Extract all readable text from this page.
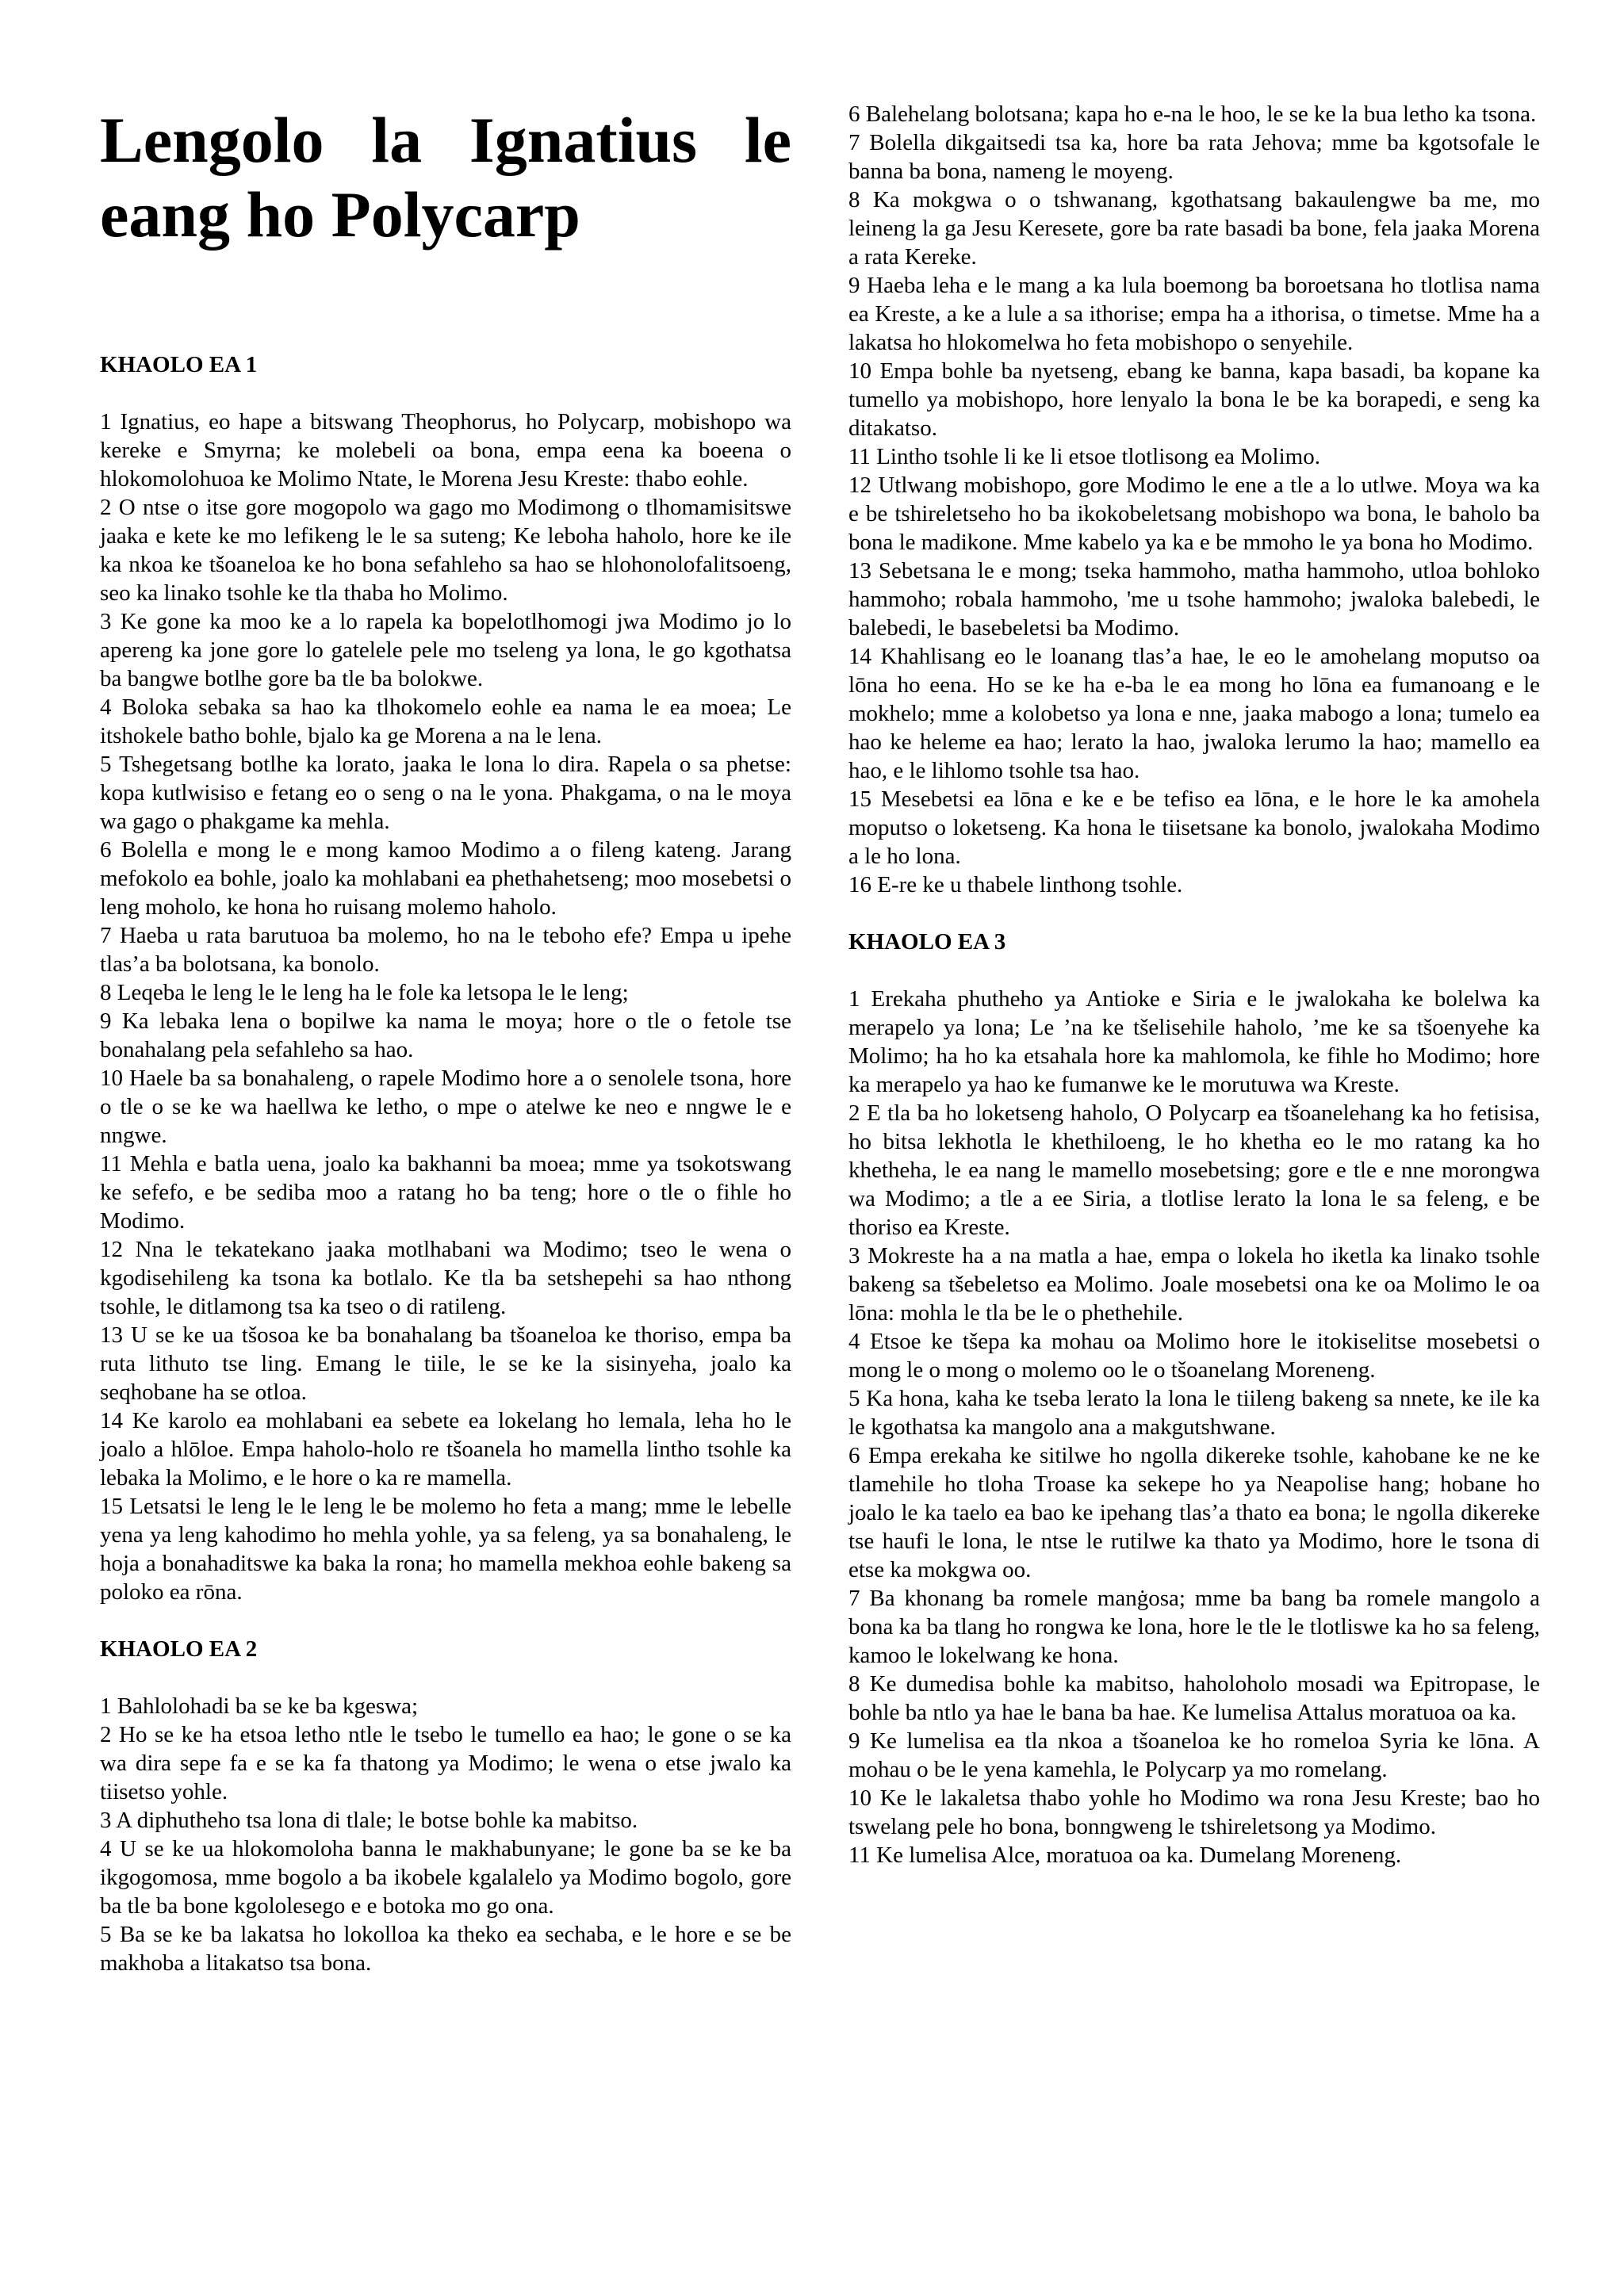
Lengolo la Ignatius le
eang ho Polycarp
KHAOLO EA 1

1 Ignatius, eo hape a bitswang Theophorus, ho Polycarp, mobishopo wa kereke e Smyrna; ke molebeli oa bona, empa eena ka boeena o hlokomolohuoa ke Molimo Ntate, le Morena Jesu Kreste: thabo eohle.

2 O ntse o itse gore mogopolo wa gago mo Modimong o tlhomamisitswe jaaka e kete ke mo lefikeng le le sa suteng; Ke leboha haholo, hore ke ile ka nkoa ke tšoaneloa ke ho bona sefahleho sa hao se hlohonolofalitsoeng, seo ka linako tsohle ke tla thaba ho Molimo.

3 Ke gone ka moo ke a lo rapela ka bopelotlhomogi jwa Modimo jo lo apereng ka jone gore lo gatelele pele mo tseleng ya lona, le go kgothatsa ba bangwe botlhe gore ba tle ba bolokwe.

4 Boloka sebaka sa hao ka tlhokomelo eohle ea nama le ea moea; Le itshokele batho bohle, bjalo ka ge Morena a na le lena.

5 Tshegetsang botlhe ka lorato, jaaka le lona lo dira. Rapela o sa phetse: kopa kutlwisiso e fetang eo o seng o na le yona. Phakgama, o na le moya wa gago o phakgame ka mehla.

6 Bolella e mong le e mong kamoo Modimo a o fileng kateng. Jarang mefokolo ea bohle, joalo ka mohlabani ea phethahetseng; moo mosebetsi o leng moholo, ke hona ho ruisang molemo haholo.

7 Haeba u rata barutuoa ba molemo, ho na le teboho efe? Empa u ipehe tlas’a ba bolotsana, ka bonolo.

8 Leqeba le leng le le leng ha le fole ka letsopa le le leng;

9 Ka lebaka lena o bopilwe ka nama le moya; hore o tle o fetole tse bonahalang pela sefahleho sa hao.

10 Haele ba sa bonahaleng, o rapele Modimo hore a o senolele tsona, hore o tle o se ke wa haellwa ke letho, o mpe o atelwe ke neo e nngwe le e nngwe.

11 Mehla e batla uena, joalo ka bakhanni ba moea; mme ya tsokotswang ke sefefo, e be sediba moo a ratang ho ba teng; hore o tle o fihle ho Modimo.

12 Nna le tekatekano jaaka motlhabani wa Modimo; tseo le wena o kgodisehileng ka tsona ka botlalo. Ke tla ba setshepehi sa hao nthong tsohle, le ditlamong tsa ka tseo o di ratileng.

13 U se ke ua tšosoa ke ba bonahalang ba tšoaneloa ke thoriso, empa ba ruta lithuto tse ling. Emang le tiile, le se ke la sisinyeha, joalo ka seqhobane ha se otloa.

14 Ke karolo ea mohlabani ea sebete ea lokelang ho lemala, leha ho le joalo a hlōloe. Empa haholo-holo re tšoanela ho mamella lintho tsohle ka lebaka la Molimo, e le hore o ka re mamella.

15 Letsatsi le leng le le leng le be molemo ho feta a mang; mme le lebelle yena ya leng kahodimo ho mehla yohle, ya sa feleng, ya sa bonahaleng, le hoja a bonahaditswe ka baka la rona; ho mamella mekhoa eohle bakeng sa poloko ea rōna.

KHAOLO EA 2

1 Bahlolohadi ba se ke ba kgeswa;

2 Ho se ke ha etsoa letho ntle le tsebo le tumello ea hao; le gone o se ka wa dira sepe fa e se ka fa thatong ya Modimo; le wena o etse jwalo ka tiisetso yohle.

3 A diphutheho tsa lona di tlale; le botse bohle ka mabitso.

4 U se ke ua hlokomoloha banna le makhabunyane; le gone ba se ke ba ikgogomosa, mme bogolo a ba ikobele kgalalelo ya Modimo bogolo, gore ba tle ba bone kgololesego e e botoka mo go ona.

5 Ba se ke ba lakatsa ho lokolloa ka theko ea sechaba, e le hore e se be makhoba a litakatso tsa bona.

6 Balehelang bolotsana; kapa ho e-na le hoo, le se ke la bua letho ka tsona.

7 Bolella dikgaitsedi tsa ka, hore ba rata Jehova; mme ba kgotsofale le banna ba bona, nameng le moyeng.

8 Ka mokgwa o o tshwanang, kgothatsang bakaulengwe ba me, mo leineng la ga Jesu Keresete, gore ba rate basadi ba bone, fela jaaka Morena a rata Kereke.

9 Haeba leha e le mang a ka lula boemong ba boroetsana ho tlotlisa nama ea Kreste, a ke a lule a sa ithorise; empa ha a ithorisa, o timetse. Mme ha a lakatsa ho hlokomelwa ho feta mobishopo o senyehile.

10 Empa bohle ba nyetseng, ebang ke banna, kapa basadi, ba kopane ka tumello ya mobishopo, hore lenyalo la bona le be ka borapedi, e seng ka ditakatso.

11 Lintho tsohle li ke li etsoe tlotlisong ea Molimo.

12 Utlwang mobishopo, gore Modimo le ene a tle a lo utlwe. Moya wa ka e be tshireletseho ho ba ikokobeletsang mobishopo wa bona, le baholo ba bona le madikone. Mme kabelo ya ka e be mmoho le ya bona ho Modimo.

13 Sebetsana le e mong; tseka hammoho, matha hammoho, utloa bohloko hammoho; robala hammoho, 'me u tsohe hammoho; jwaloka balebedi, le balebedi, le basebeletsi ba Modimo.

14 Khahlisang eo le loanang tlas’a hae, le eo le amohelang moputso oa lōna ho eena. Ho se ke ha e-ba le ea mong ho lōna ea fumanoang e le mokhelo; mme a kolobetso ya lona e nne, jaaka mabogo a lona; tumelo ea hao ke heleme ea hao; lerato la hao, jwaloka lerumo la hao; mamello ea hao, e le lihlomo tsohle tsa hao.

15 Mesebetsi ea lōna e ke e be tefiso ea lōna, e le hore le ka amohela moputso o loketseng. Ka hona le tiisetsane ka bonolo, jwalokaha Modimo a le ho lona.

16 E-re ke u thabele linthong tsohle.

KHAOLO EA 3

1 Erekaha phutheho ya Antioke e Siria e le jwalokaha ke bolelwa ka merapelo ya lona; Le ’na ke tšelisehile haholo, ’me ke sa tšoenyehe ka Molimo; ha ho ka etsahala hore ka mahlomola, ke fihle ho Modimo; hore ka merapelo ya hao ke fumanwe ke le morutuwa wa Kreste.

2 E tla ba ho loketseng haholo, O Polycarp ea tšoanelehang ka ho fetisisa, ho bitsa lekhotla le khethiloeng, le ho khetha eo le mo ratang ka ho khetheha, le ea nang le mamello mosebetsing; gore e tle e nne morongwa wa Modimo; a tle a ee Siria, a tlotlise lerato la lona le sa feleng, e be thoriso ea Kreste.

3 Mokreste ha a na matla a hae, empa o lokela ho iketla ka linako tsohle bakeng sa tšebeletso ea Molimo. Joale mosebetsi ona ke oa Molimo le oa lōna: mohla le tla be le o phethehile.

4 Etsoe ke tšepa ka mohau oa Molimo hore le itokiselitse mosebetsi o mong le o mong o molemo oo le o tšoanelang Moreneng.

5 Ka hona, kaha ke tseba lerato la lona le tiileng bakeng sa nnete, ke ile ka le kgothatsa ka mangolo ana a makgutshwane.

6 Empa erekaha ke sitilwe ho ngolla dikereke tsohle, kahobane ke ne ke tlamehile ho tloha Troase ka sekepe ho ya Neapolise hang; hobane ho joalo le ka taelo ea bao ke ipehang tlas’a thato ea bona; le ngolla dikereke tse haufi le lona, le ntse le rutilwe ka thato ya Modimo, hore le tsona di etse ka mokgwa oo.

7 Ba khonang ba romele manġosa; mme ba bang ba romele mangolo a bona ka ba tlang ho rongwa ke lona, hore le tle le tlotliswe ka ho sa feleng, kamoo le lokelwang ke hona.

8 Ke dumedisa bohle ka mabitso, haholoholo mosadi wa Epitropase, le bohle ba ntlo ya hae le bana ba hae. Ke lumelisa Attalus moratuoa oa ka.

9 Ke lumelisa ea tla nkoa a tšoaneloa ke ho romeloa Syria ke lōna. A mohau o be le yena kamehla, le Polycarp ya mo romelang.

10 Ke le lakaletsa thabo yohle ho Modimo wa rona Jesu Kreste; bao ho tswelang pele ho bona, bonngweng le tshireletsong ya Modimo.

11 Ke lumelisa Alce, moratuoa oa ka. Dumelang Moreneng.
